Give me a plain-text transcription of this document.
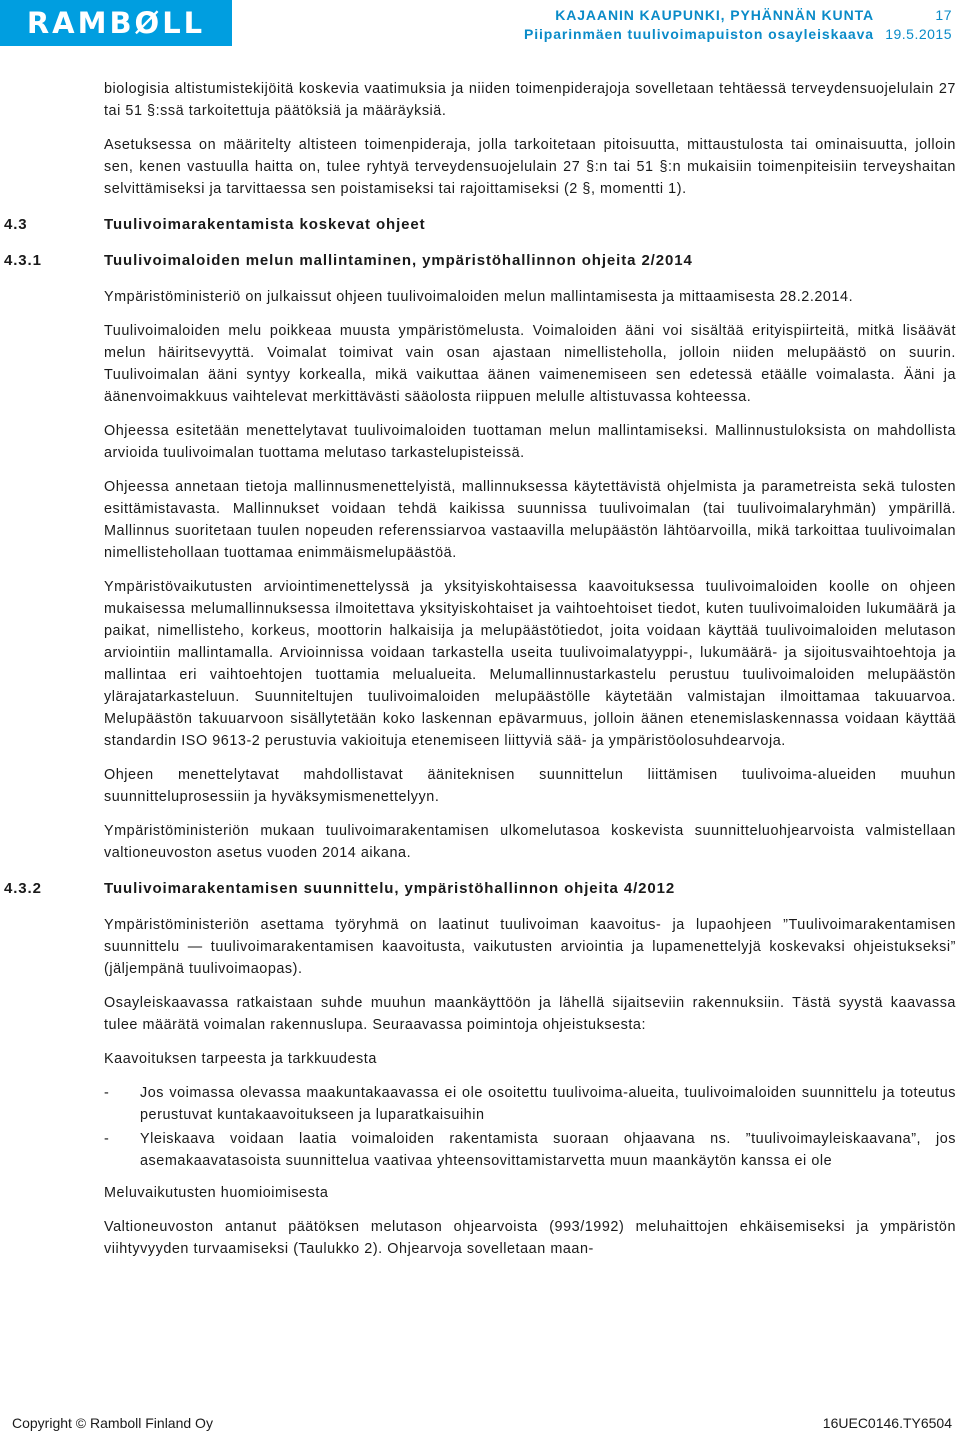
RAMBØLL	KAJAANIN KAUPUNKI, PYHÄNNÄN KUNTA	17
Piiparinmäen tuulivoimapuiston osayleiskaava 19.5.2015

biologisia altistumistekijöitä koskevia vaatimuksia ja niiden toimenpiderajoja sovelletaan tehtäessä terveydensuojelulain 27 tai 51 §:ssä tarkoitettuja päätöksiä ja määräyksiä.

Asetuksessa on määritelty altisteen toimenpideraja, jolla tarkoitetaan pitoisuutta, mittaustulosta tai ominaisuutta, jolloin sen, kenen vastuulla haitta on, tulee ryhtyä terveydensuojelulain 27 §:n tai 51 §:n mukaisiin toimenpiteisiin terveyshaitan selvittämiseksi ja tarvittaessa sen poistamiseksi tai rajoittamiseksi (2 §, momentti 1).

4.3	Tuulivoimarakentamista koskevat ohjeet
4.3.1	Tuulivoimaloiden melun mallintaminen, ympäristöhallinnon ohjeita 2/2014

Ympäristöministeriö on julkaissut ohjeen tuulivoimaloiden melun mallintamisesta ja mittaamisesta 28.2.2014.

Tuulivoimaloiden melu poikkeaa muusta ympäristömelusta. Voimaloiden ääni voi sisältää erityispiirteitä, mitkä lisäävät melun häiritsevyyttä. Voimalat toimivat vain osan ajastaan nimellisteholla, jolloin niiden melupäästö on suurin. Tuulivoimalan ääni syntyy korkealla, mikä vaikuttaa äänen vaimenemiseen sen edetessä etäälle voimalasta. Ääni ja äänenvoimakkuus vaihtelevat merkittävästi sääolosta riippuen melulle altistuvassa kohteessa.

Ohjeessa esitetään menettelytavat tuulivoimaloiden tuottaman melun mallintamiseksi. Mallinnustuloksista on mahdollista arvioida tuulivoimalan tuottama melutaso tarkastelupisteissä.

Ohjeessa annetaan tietoja mallinnusmenettelyistä, mallinnuksessa käytettävistä ohjelmista ja parametreista sekä tulosten esittämistavasta. Mallinnukset voidaan tehdä kaikissa suunnissa tuulivoimalan (tai tuulivoimalaryhmän) ympärillä. Mallinnus suoritetaan tuulen nopeuden referenssiarvoa vastaavilla melupäästön lähtöarvoilla, mikä tarkoittaa tuulivoimalan nimellistehollaan tuottamaa enimmäismelupäästöä.

Ympäristövaikutusten arviointimenettelyssä ja yksityiskohtaisessa kaavoituksessa tuulivoimaloiden koolle on ohjeen mukaisessa melumallinnuksessa ilmoitettava yksityiskohtaiset ja vaihtoehtoiset tiedot, kuten tuulivoimaloiden lukumäärä ja paikat, nimellisteho, korkeus, moottorin halkaisija ja melupäästötiedot, joita voidaan käyttää tuulivoimaloiden melutason arviointiin mallintamalla. Arvioinnissa voidaan tarkastella useita tuulivoimalatyyppi-, lukumäärä- ja sijoitusvaihtoehtoja ja mallintaa eri vaihtoehtojen tuottamia melualueita. Melumallinnustarkastelu perustuu tuulivoimaloiden melupäästön ylärajatarkasteluun. Suunniteltujen tuulivoimaloiden melupäästölle käytetään valmistajan ilmoittamaa takuuarvoa. Melupäästön takuuarvoon sisällytetään koko laskennan epävarmuus, jolloin äänen etenemislaskennassa voidaan käyttää standardin ISO 9613-2 perustuvia vakioituja etenemiseen liittyviä sää- ja ympäristöolosuhdearvoja.

Ohjeen menettelytavat mahdollistavat ääniteknisen suunnittelun liittämisen tuulivoima-alueiden muuhun suunnitteluprosessiin ja hyväksymismenettelyyn.

Ympäristöministeriön mukaan tuulivoimarakentamisen ulkomelutasoa koskevista suunnitteluohjearvoista valmistellaan valtioneuvoston asetus vuoden 2014 aikana.

4.3.2	Tuulivoimarakentamisen suunnittelu, ympäristöhallinnon ohjeita 4/2012

Ympäristöministeriön asettama työryhmä on laatinut tuulivoiman kaavoitus- ja lupaohjeen ”Tuulivoimarakentamisen suunnittelu — tuulivoimarakentamisen kaavoitusta, vaikutusten arviointia ja lupamenettelyjä koskevaksi ohjeistukseksi” (jäljempänä tuulivoimaopas).

Osayleiskaavassa ratkaistaan suhde muuhun maankäyttöön ja lähellä sijaitseviin rakennuksiin. Tästä syystä kaavassa tulee määrätä voimalan rakennuslupa. Seuraavassa poimintoja ohjeistuksesta:

Kaavoituksen tarpeesta ja tarkkuudesta

- Jos voimassa olevassa maakuntakaavassa ei ole osoitettu tuulivoima-alueita, tuulivoimaloiden suunnittelu ja toteutus perustuvat kuntakaavoitukseen ja luparatkaisuihin
- Yleiskaava voidaan laatia voimaloiden rakentamista suoraan ohjaavana ns. ”tuulivoimayleiskaavana”, jos asemakaavatasoista suunnittelua vaativaa yhteensovittamistarvetta muun maankäytön kanssa ei ole

Meluvaikutusten huomioimisesta

Valtioneuvoston antanut päätöksen melutason ohjearvoista (993/1992) meluhaittojen ehkäisemiseksi ja ympäristön viihtyvyyden turvaamiseksi (Taulukko 2). Ohjearvoja sovelletaan maan-

Copyright © Ramboll Finland Oy	16UEC0146.TY6504
